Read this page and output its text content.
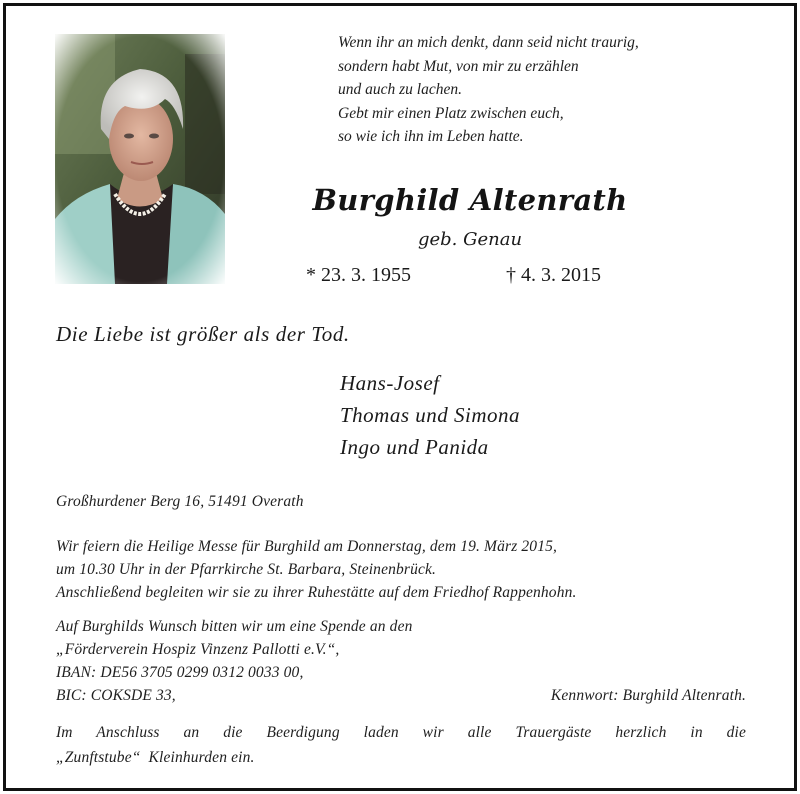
Wenn ihr an mich denkt, dann seid nicht traurig,
sondern habt Mut, von mir zu erzählen
und auch zu lachen.
Gebt mir einen Platz zwischen euch,
so wie ich ihn im Leben hatte.
Burghild Altenrath
geb. Genau
* 23. 3. 1955	† 4. 3. 2015
Die Liebe ist größer als der Tod.
Hans-Josef
Thomas und Simona
Ingo und Panida
Großhurdener Berg 16, 51491 Overath
Wir feiern die Heilige Messe für Burghild am Donnerstag, dem 19. März 2015,
um 10.30 Uhr in der Pfarrkirche St. Barbara, Steinenbrück.
Anschließend begleiten wir sie zu ihrer Ruhestätte auf dem Friedhof Rappenhohn.
Auf Burghilds Wunsch bitten wir um eine Spende an den
„Förderverein Hospiz Vinzenz Pallotti e.V.“,
IBAN: DE56 3705 0299 0312 0033 00,
BIC: COKSDE 33,	Kennwort: Burghild Altenrath.
Im Anschluss an die Beerdigung laden wir alle Trauergäste herzlich in die
„Zunftstube“  Kleinhurden ein.
